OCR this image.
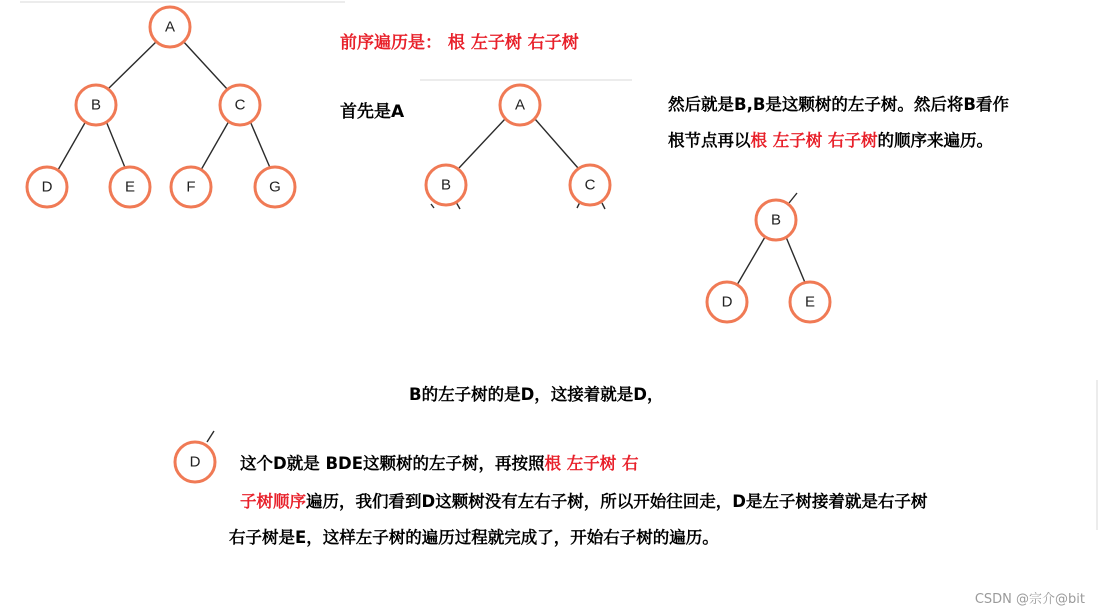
A
B	C
D	E	F	G
A
B	C
B
D	E
D
前序遍历是： 根 左子树 右子树
首先是A	然后就是B,B是这颗树的左子树。然后将B看作
根节点再以根 左子树 右子树的顺序来遍历。
B的左子树的是D，这接着就是D，
这个D就是 BDE这颗树的左子树，再按照根 左子树 右
子树顺序遍历，我们看到D这颗树没有左右子树，所以开始往回走，D是左子树接着就是右子树
右子树是E，这样左子树的遍历过程就完成了，开始右子树的遍历。
CSDN @宗介@bit
